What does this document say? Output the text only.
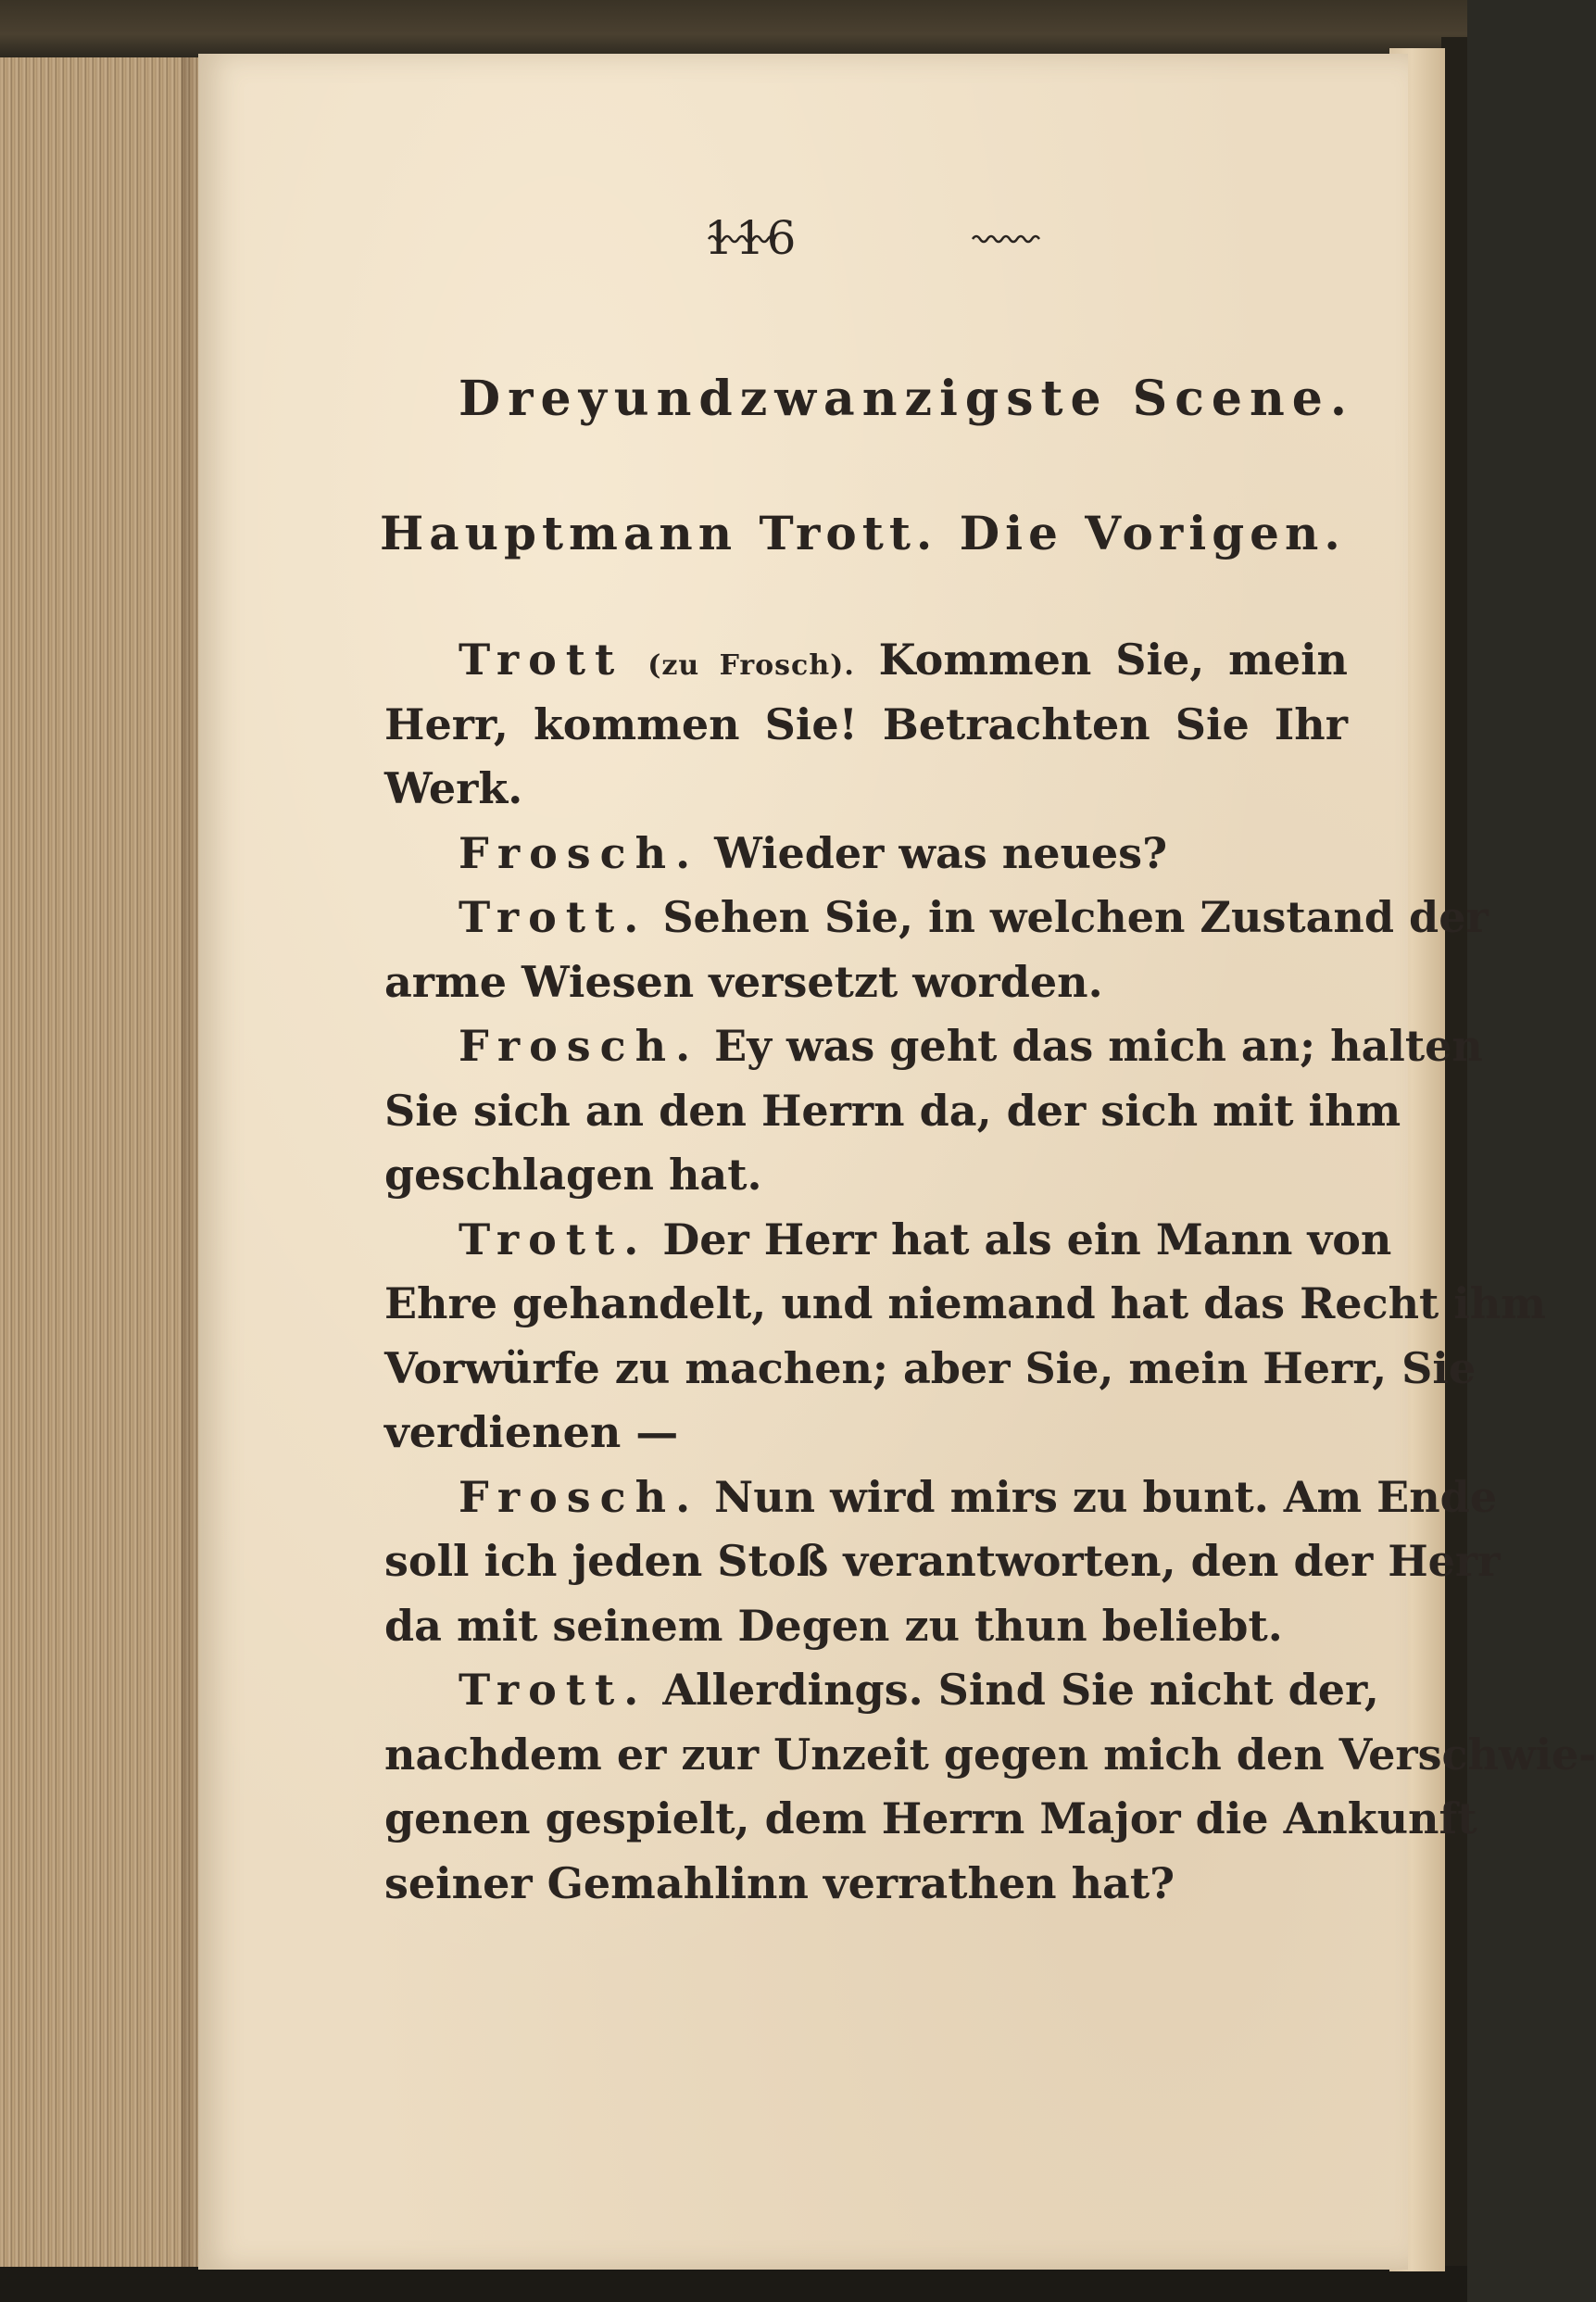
116
Dreyundzwanzigste Scene.
Hauptmann Trott. Die Vorigen.
Trott (zu Frosch). Kommen Sie, mein
Herr, kommen Sie! Betrachten Sie Ihr
Werk.
Frosch. Wieder was neues?
Trott. Sehen Sie, in welchen Zustand der
arme Wiesen versetzt worden.
Frosch. Ey was geht das mich an; halten
Sie sich an den Herrn da, der sich mit ihm
geschlagen hat.
Trott. Der Herr hat als ein Mann von
Ehre gehandelt, und niemand hat das Recht ihm
Vorwürfe zu machen; aber Sie, mein Herr, Sie
verdienen —
Frosch. Nun wird mirs zu bunt. Am Ende
soll ich jeden Stoß verantworten, den der Herr
da mit seinem Degen zu thun beliebt.
Trott. Allerdings. Sind Sie nicht der,
nachdem er zur Unzeit gegen mich den Verschwie-
genen gespielt, dem Herrn Major die Ankunft
seiner Gemahlinn verrathen hat?
